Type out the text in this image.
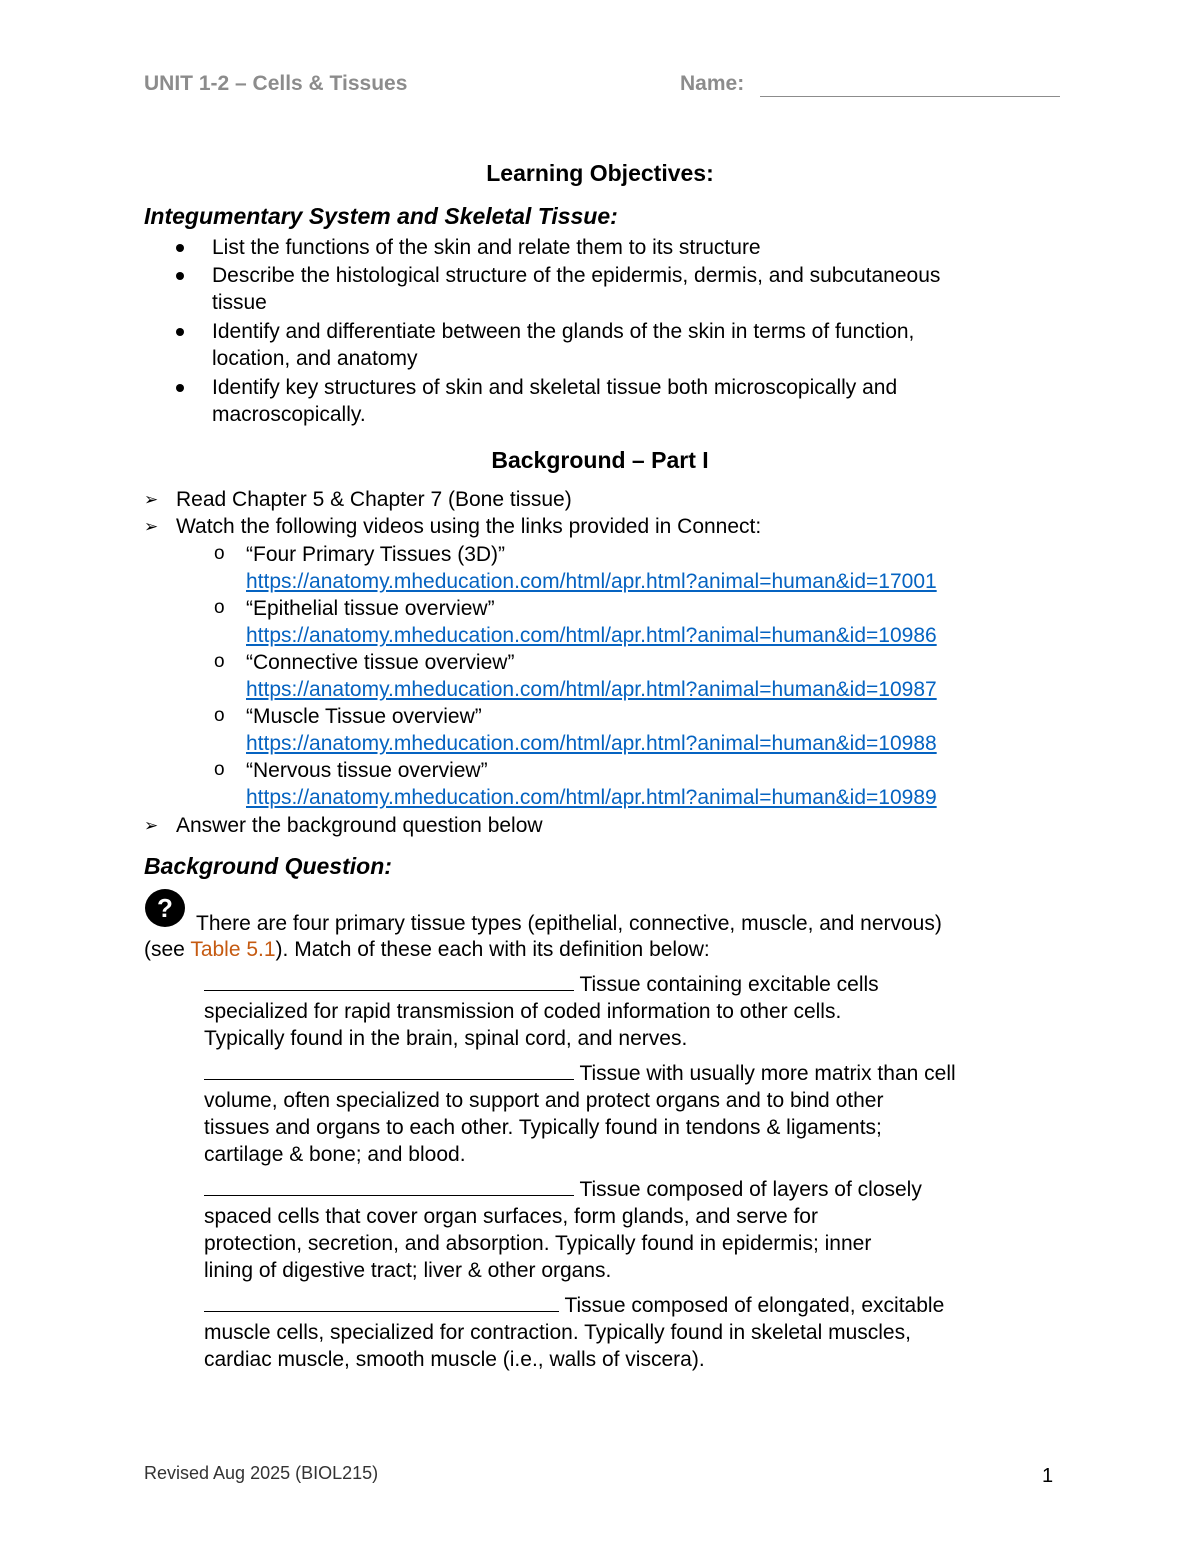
UNIT 1-2 – Cells & Tissues	Name:
Learning Objectives:
Integumentary System and Skeletal Tissue:
List the functions of the skin and relate them to its structure
Describe the histological structure of the epidermis, dermis, and subcutaneous
tissue
Identify and differentiate between the glands of the skin in terms of function,
location, and anatomy
Identify key structures of skin and skeletal tissue both microscopically and
macroscopically.
Background – Part I
➢ Read Chapter 5 & Chapter 7 (Bone tissue)
➢ Watch the following videos using the links provided in Connect:
o “Four Primary Tissues (3D)”
https://anatomy.mheducation.com/html/apr.html?animal=human&id=17001
o “Epithelial tissue overview”
https://anatomy.mheducation.com/html/apr.html?animal=human&id=10986
o “Connective tissue overview”
https://anatomy.mheducation.com/html/apr.html?animal=human&id=10987
o “Muscle Tissue overview”
https://anatomy.mheducation.com/html/apr.html?animal=human&id=10988
o “Nervous tissue overview”
https://anatomy.mheducation.com/html/apr.html?animal=human&id=10989
➢ Answer the background question below
Background Question:
?
There are four primary tissue types (epithelial, connective, muscle, and nervous)
(see Table 5.1). Match of these each with its definition below:
Tissue containing excitable cells
specialized for rapid transmission of coded information to other cells.
Typically found in the brain, spinal cord, and nerves.
Tissue with usually more matrix than cell
volume, often specialized to support and protect organs and to bind other
tissues and organs to each other. Typically found in tendons & ligaments;
cartilage & bone; and blood.
Tissue composed of layers of closely
spaced cells that cover organ surfaces, form glands, and serve for
protection, secretion, and absorption. Typically found in epidermis; inner
lining of digestive tract; liver & other organs.
Tissue composed of elongated, excitable
muscle cells, specialized for contraction. Typically found in skeletal muscles,
cardiac muscle, smooth muscle (i.e., walls of viscera).
Revised Aug 2025 (BIOL215)	1
